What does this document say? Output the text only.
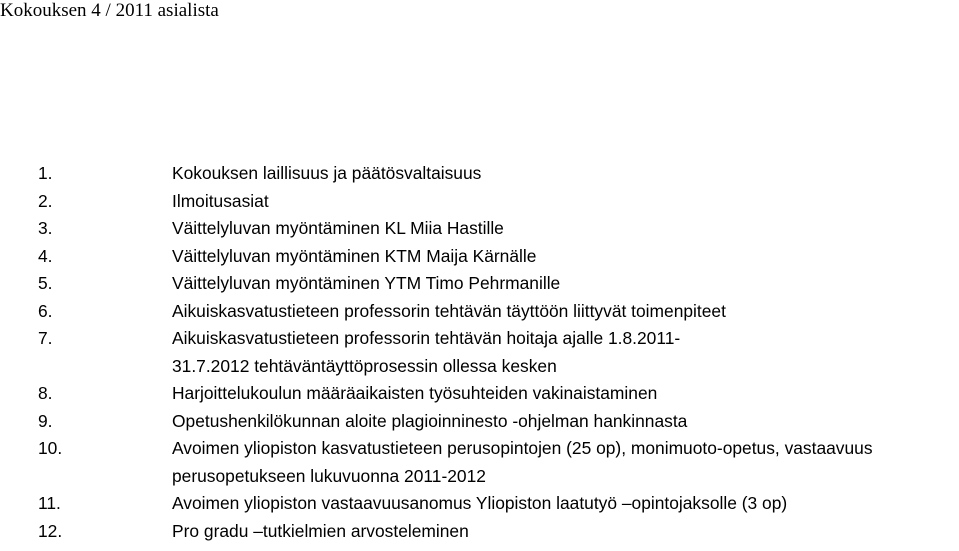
Kokouksen 4 / 2011 asialista
1.	Kokouksen laillisuus ja päätösvaltaisuus
2.	Ilmoitusasiat
3.	Väittelyluvan myöntäminen KL Miia Hastille
4.	Väittelyluvan myöntäminen KTM Maija Kärnälle
5.	Väittelyluvan myöntäminen YTM Timo Pehrmanille
6.	Aikuiskasvatustieteen professorin tehtävän täyttöön liittyvät toimenpiteet
7.	Aikuiskasvatustieteen professorin tehtävän hoitaja ajalle 1.8.2011-31.7.2012 tehtäväntäyttöprosessin ollessa kesken
8.	Harjoittelukoulun määräaikaisten työsuhteiden vakinaistaminen
9.	Opetushenkilökunnan aloite plagioinninesto -ohjelman hankinnasta
10.	Avoimen yliopiston kasvatustieteen perusopintojen (25 op), monimuoto-opetus, vastaavuus perusopetukseen lukuvuonna 2011-2012
11.	Avoimen yliopiston vastaavuusanomus Yliopiston laatutyö –opintojaksolle (3 op)
12.	Pro gradu –tutkielmien arvosteleminen
